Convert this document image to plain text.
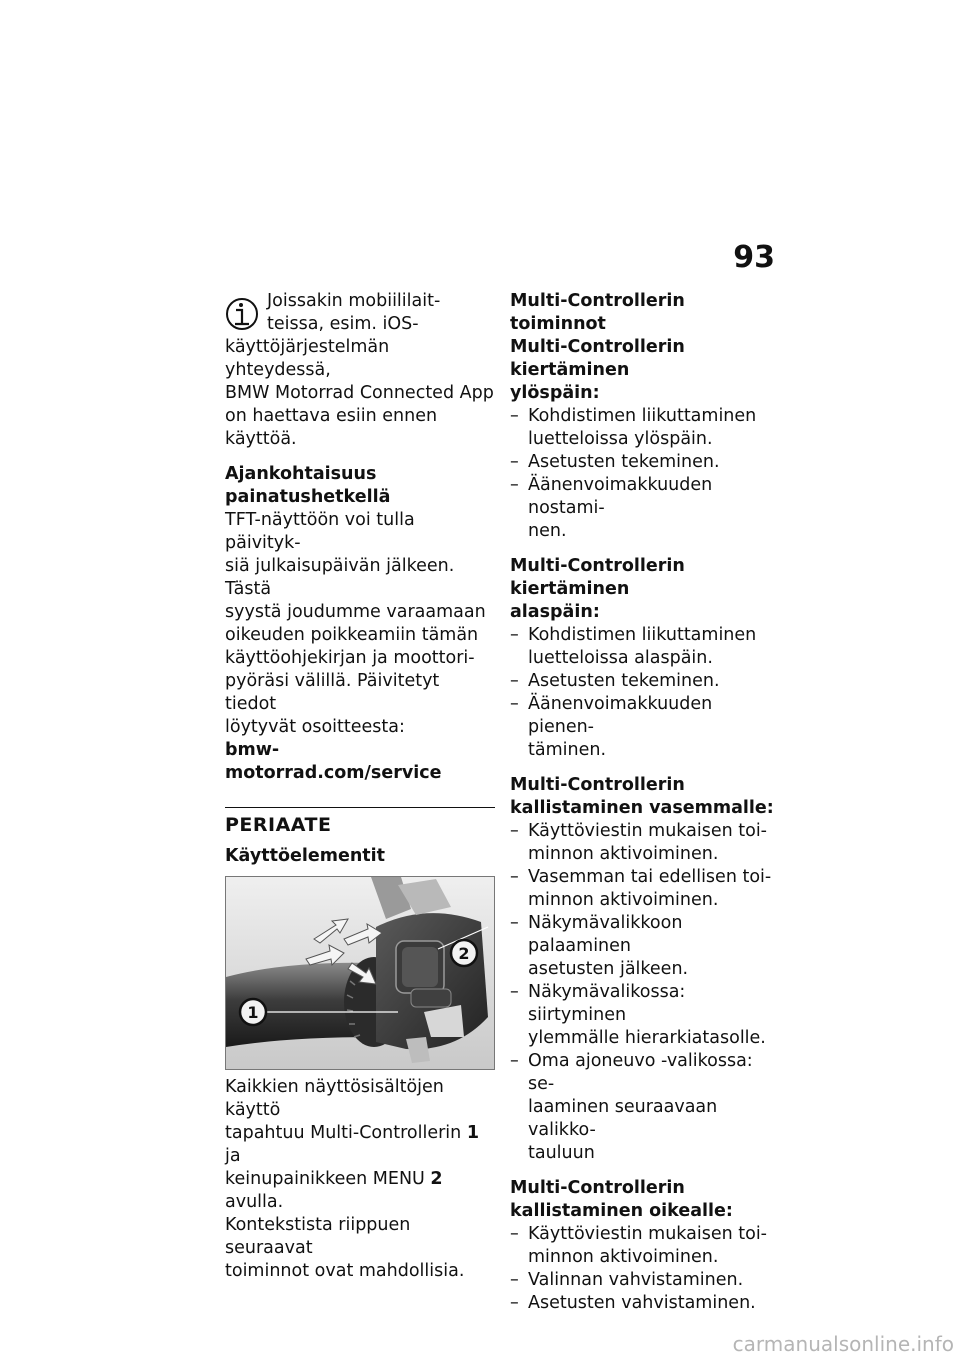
93

Joissakin mobiililait-

teissa, esim. iOS-

käyttöjärjestelmän yhteydessä,

BMW Motorrad Connected App

on haettava esiin ennen

käyttöä.

Ajankohtaisuus

painatushetkellä

TFT-näyttöön voi tulla päivityk-

siä julkaisupäivän jälkeen. Tästä

syystä joudumme varaamaan

oikeuden poikkeamiin tämän

käyttöohjekirjan ja moottori-

pyöräsi välillä. Päivitetyt tiedot

löytyvät osoitteesta:

bmw-motorrad.com/service

PERIAATE
Käyttöelementit
1
2

Kaikkien näyttösisältöjen käyttö

tapahtuu Multi-Controllerin 1 ja

keinupainikkeen MENU 2 avulla.

Kontekstista riippuen seuraavat

toiminnot ovat mahdollisia.

Multi-Controllerin toiminnot

Multi-Controllerin kiertäminen

ylöspäin:

– Kohdistimen liikuttaminen
luetteloissa ylöspäin.
– Asetusten tekeminen.
– Äänenvoimakkuuden nostami-
nen.

Multi-Controllerin kiertäminen

alaspäin:

– Kohdistimen liikuttaminen
luetteloissa alaspäin.
– Asetusten tekeminen.
– Äänenvoimakkuuden pienen-
täminen.

Multi-Controllerin

kallistaminen vasemmalle:

– Käyttöviestin mukaisen toi-
minnon aktivoiminen.
– Vasemman tai edellisen toi-
minnon aktivoiminen.
– Näkymävalikkoon palaaminen
asetusten jälkeen.
– Näkymävalikossa: siirtyminen
ylemmälle hierarkiatasolle.
– Oma ajoneuvo -valikossa: se-
laaminen seuraavaan valikko-
tauluun

Multi-Controllerin

kallistaminen oikealle:

– Käyttöviestin mukaisen toi-
minnon aktivoiminen.
– Valinnan vahvistaminen.
– Asetusten vahvistaminen.
carmanualsonline.info
